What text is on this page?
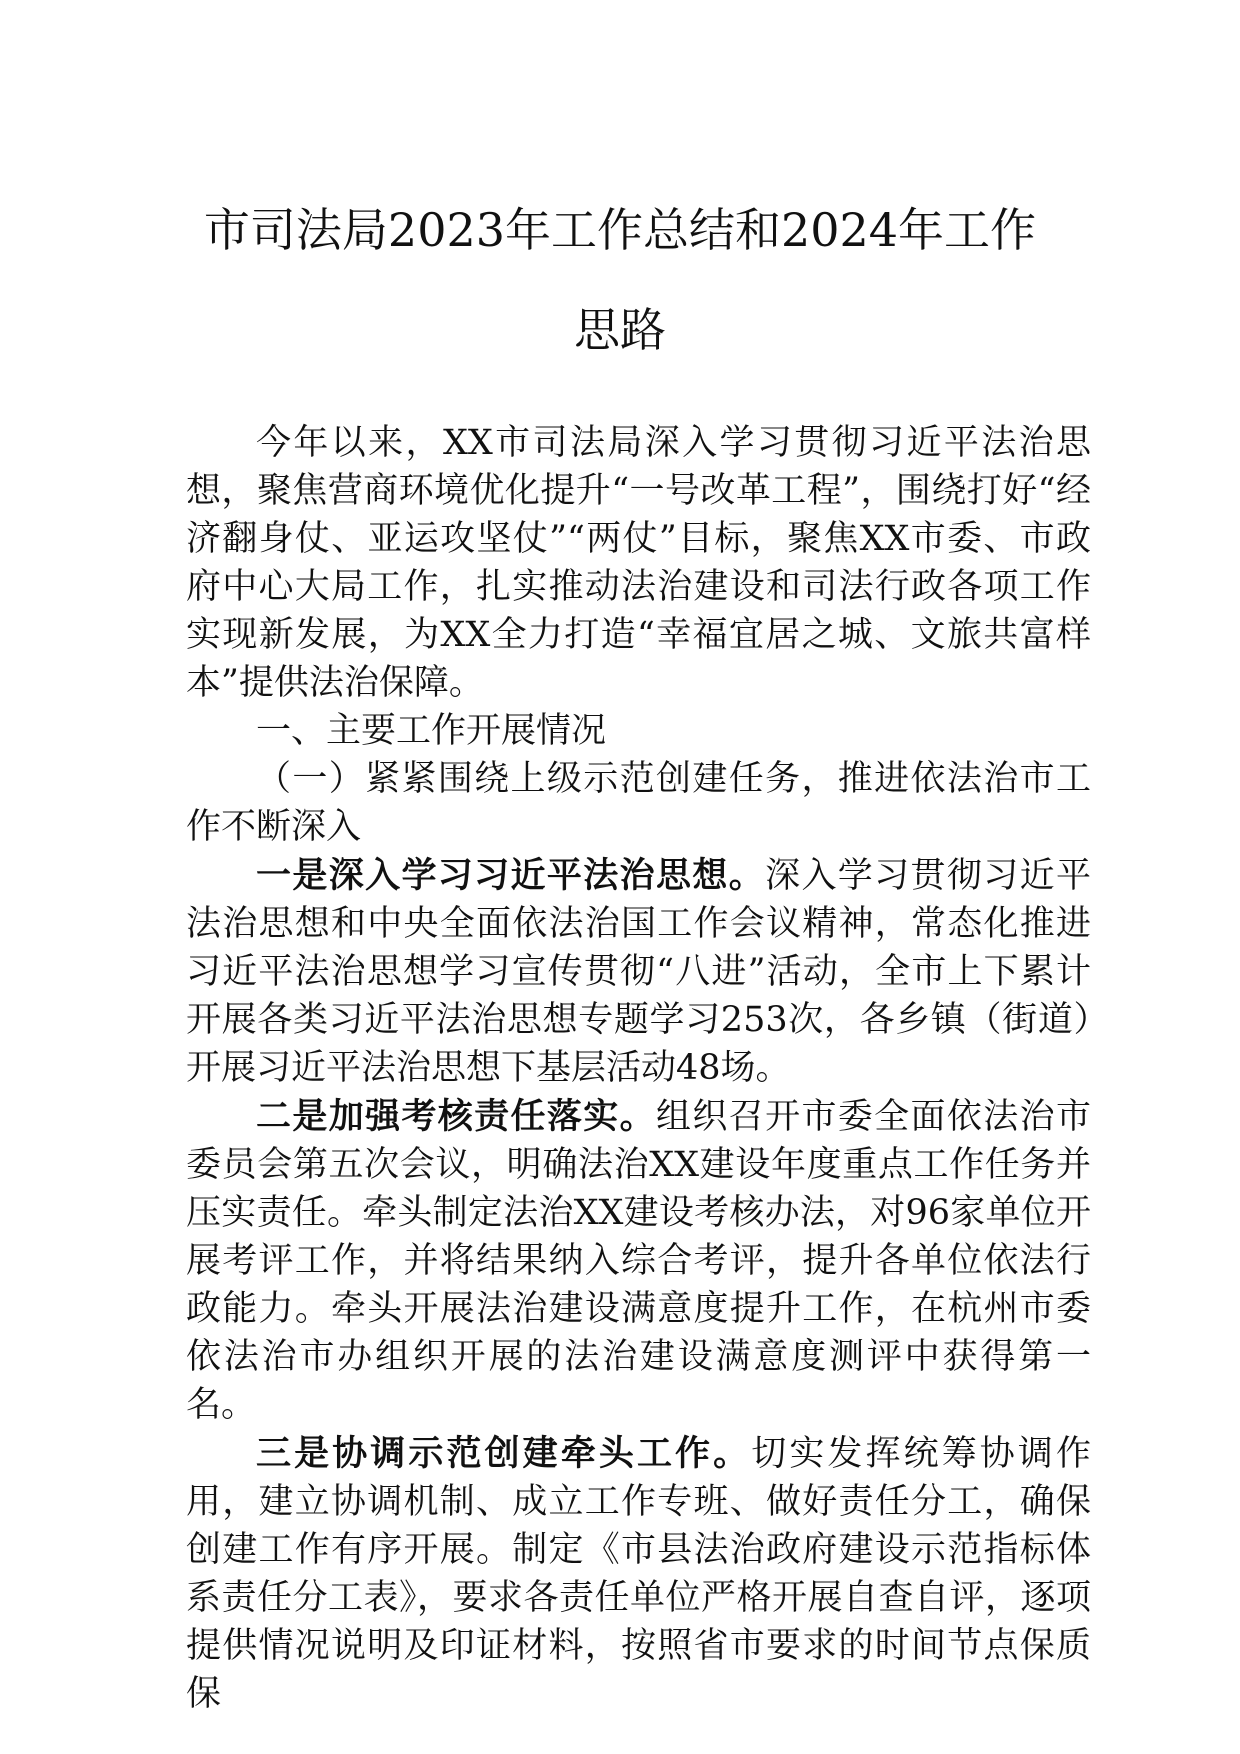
市司法局2023年工作总结和2024年工作思路

今年以来，XX市司法局深入学习贯彻习近平法治思想，聚焦营商环境优化提升“一号改革工程”，围绕打好“经济翻身仗、亚运攻坚仗”“两仗”目标，聚焦XX市委、市政府中心大局工作，扎实推动法治建设和司法行政各项工作实现新发展，为XX全力打造“幸福宜居之城、文旅共富样本”提供法治保障。

一、主要工作开展情况

（一）紧紧围绕上级示范创建任务，推进依法治市工作不断深入

一是深入学习习近平法治思想。深入学习贯彻习近平法治思想和中央全面依法治国工作会议精神，常态化推进习近平法治思想学习宣传贯彻“八进”活动，全市上下累计开展各类习近平法治思想专题学习253次，各乡镇（街道）开展习近平法治思想下基层活动48场。

二是加强考核责任落实。组织召开市委全面依法治市委员会第五次会议，明确法治XX建设年度重点工作任务并压实责任。牵头制定法治XX建设考核办法，对96家单位开展考评工作，并将结果纳入综合考评，提升各单位依法行政能力。牵头开展法治建设满意度提升工作，在杭州市委依法治市办组织开展的法治建设满意度测评中获得第一名。

三是协调示范创建牵头工作。切实发挥统筹协调作用，建立协调机制、成立工作专班、做好责任分工，确保创建工作有序开展。制定《市县法治政府建设示范指标体系责任分工表》，要求各责任单位严格开展自查自评，逐项提供情况说明及印证材料，按照省市要求的时间节点保质保
